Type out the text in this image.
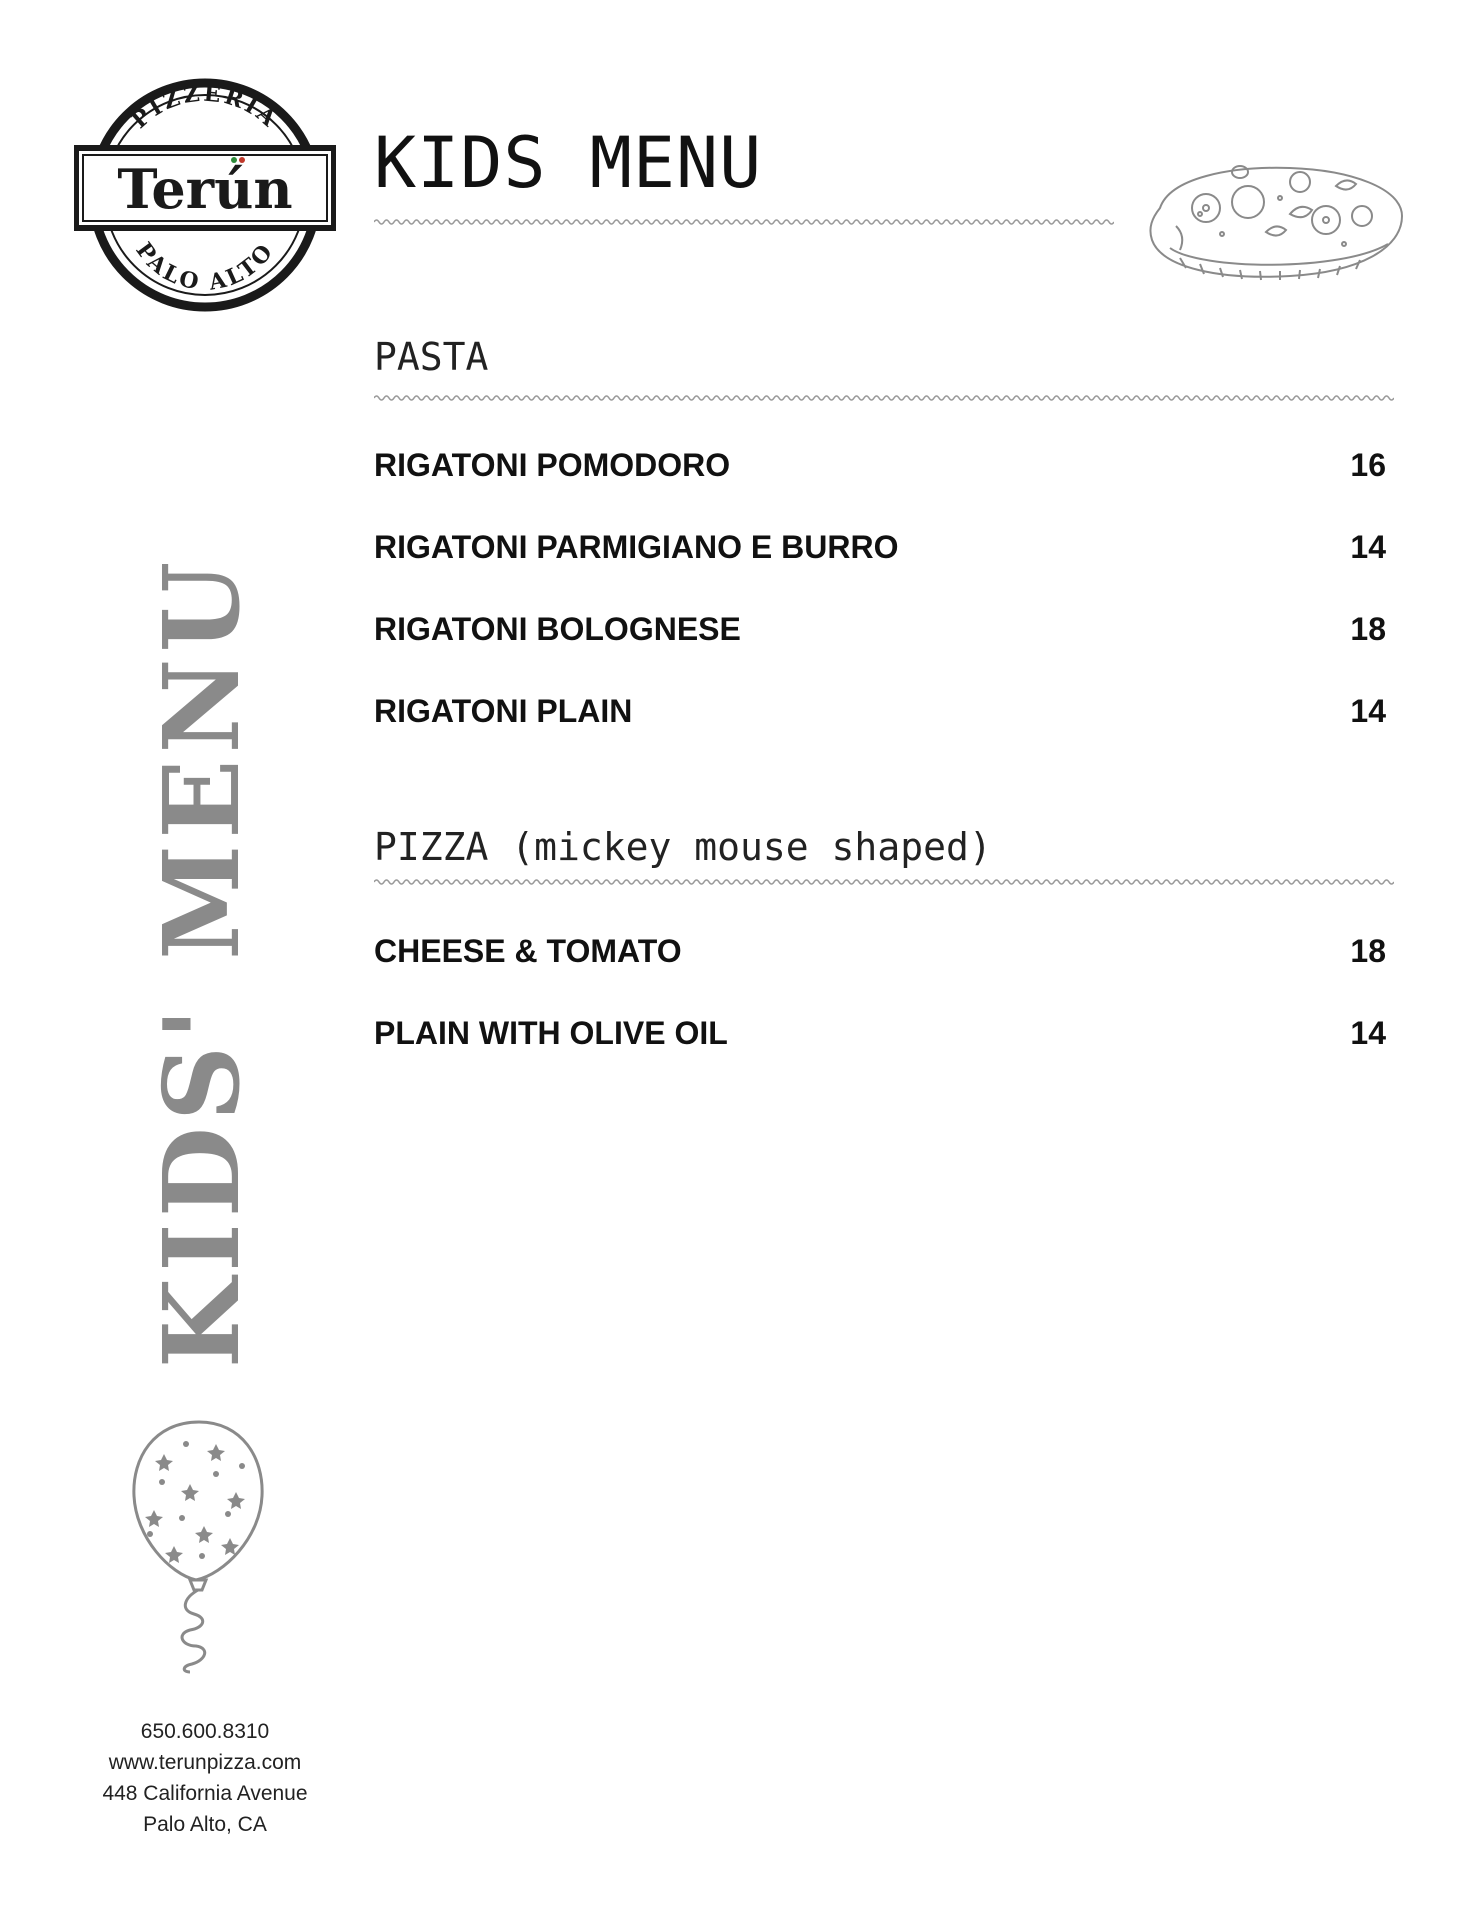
PIZZERIA
PALO ALTO
Terún KIDS MENU
PASTA
RIGATONI POMODORO	16
RIGATONI PARMIGIANO E BURRO	14
RIGATONI BOLOGNESE	18
RIGATONI PLAIN	14
PIZZA (mickey mouse shaped)
CHEESE & TOMATO	18
PLAIN WITH OLIVE OIL	14
KIDS' MENU
650.600.8310
www.terunpizza.com
448 California Avenue
Palo Alto, CA
